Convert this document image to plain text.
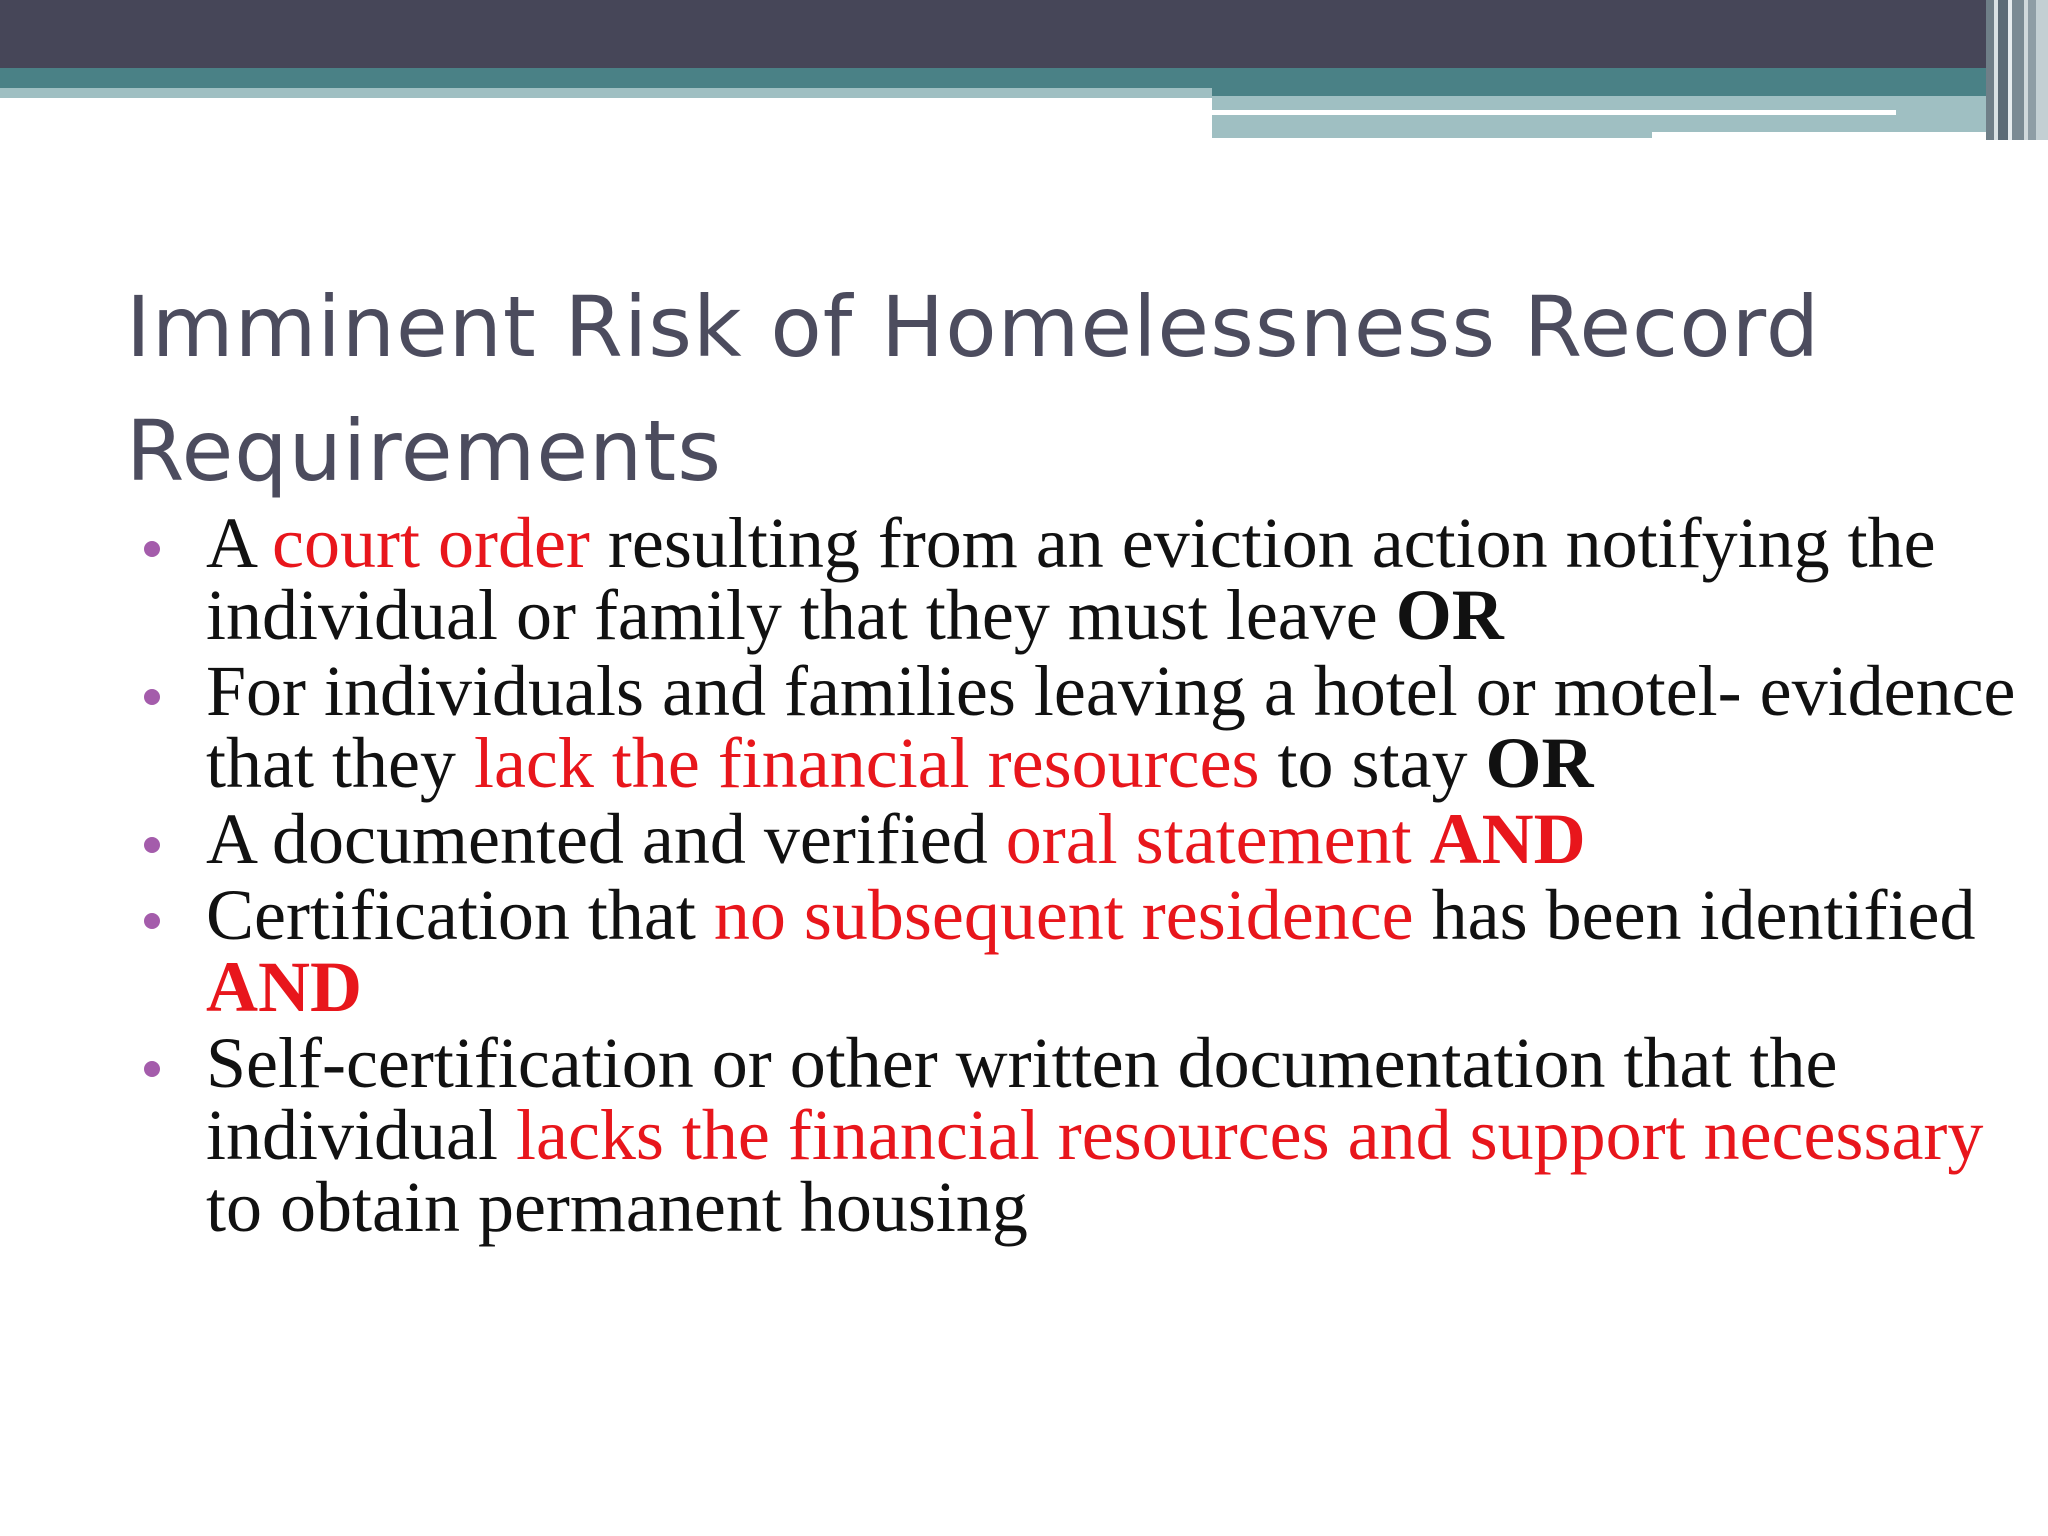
Imminent Risk of Homelessness Record Requirements
A court order resulting from an eviction action notifying the individual or family that they must leave OR
For individuals and families leaving a hotel or motel- evidence that they lack the financial resources to stay OR
A documented and verified oral statement AND
Certification that no subsequent residence has been identified AND
Self-certification or other written documentation that the individual lacks the financial resources and support necessary to obtain permanent housing
